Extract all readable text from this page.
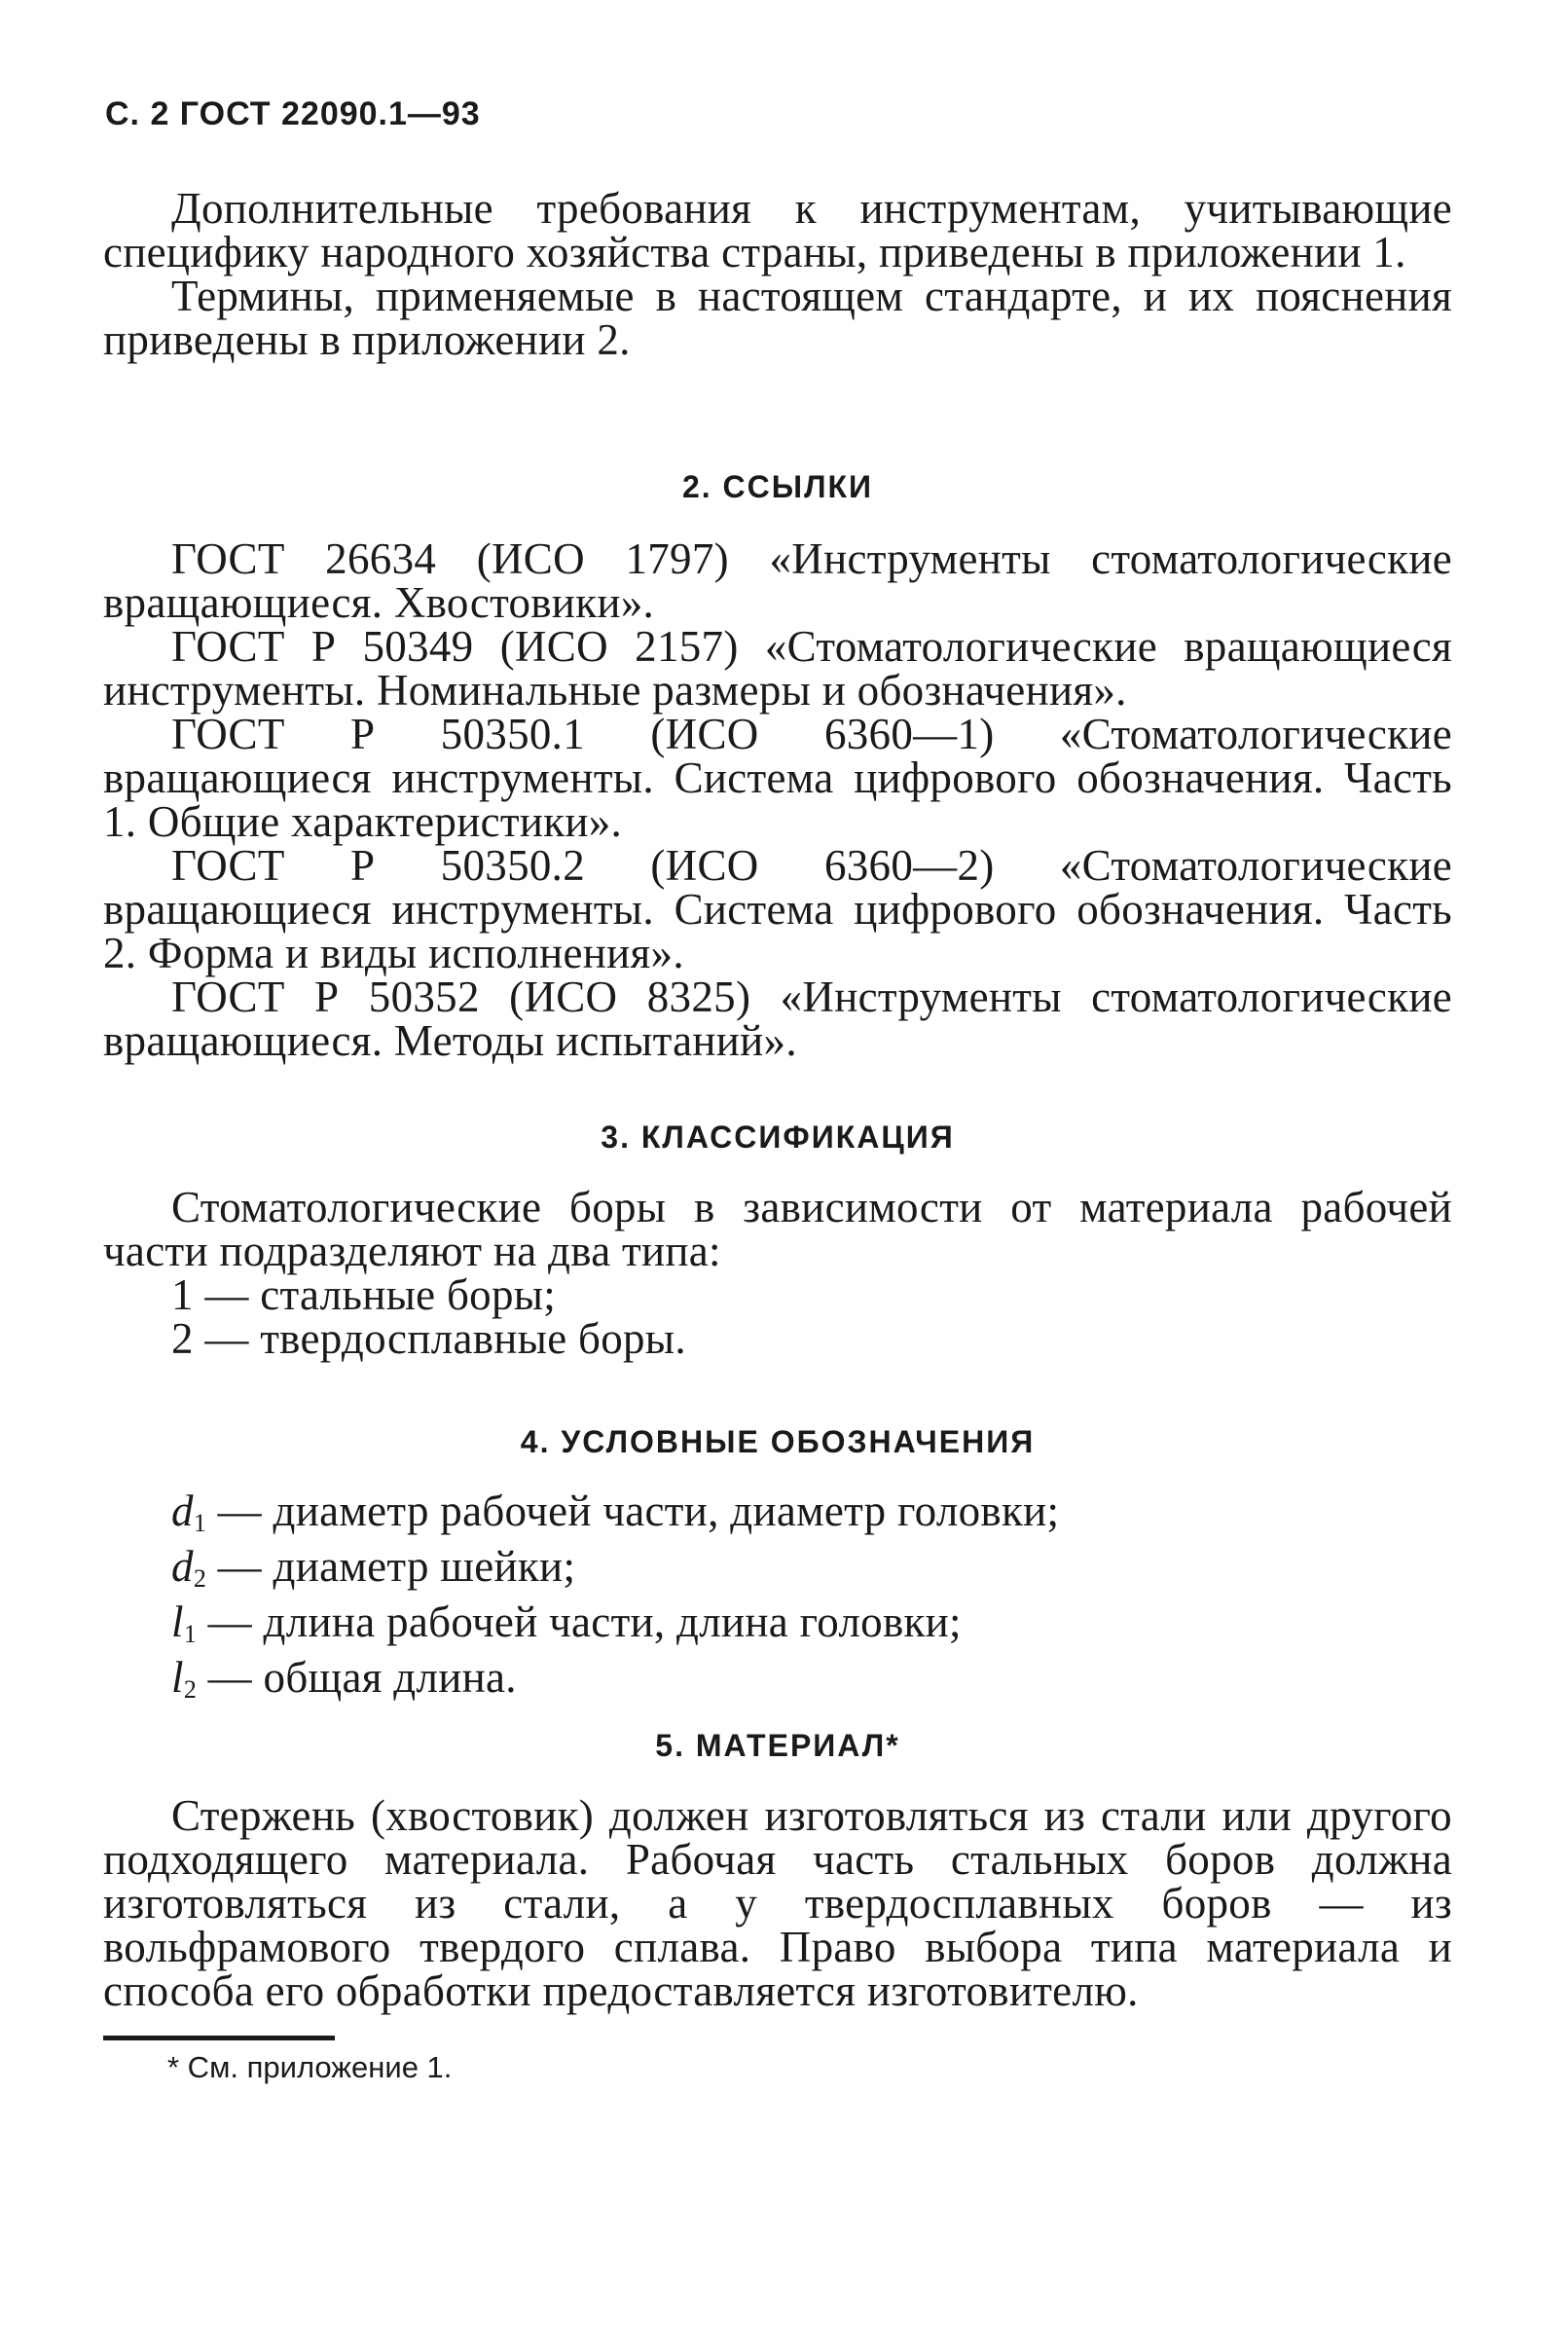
С. 2 ГОСТ 22090.1—93

Дополнительные требования к инструментам, учитывающие специфику народного хозяйства страны, приведены в приложении 1.

Термины, применяемые в настоящем стандарте, и их пояснения приведены в приложении 2.

2. ССЫЛКИ

ГОСТ 26634 (ИСО 1797) «Инструменты стоматологические вращающиеся. Хвостовики».

ГОСТ Р 50349 (ИСО 2157) «Стоматологические вращающиеся инструменты. Номинальные размеры и обозначения».

ГОСТ Р 50350.1 (ИСО 6360—1) «Стоматологические вращающиеся инструменты. Система цифрового обозначения. Часть 1. Общие характеристики».

ГОСТ Р 50350.2 (ИСО 6360—2) «Стоматологические вращающиеся инструменты. Система цифрового обозначения. Часть 2. Форма и виды исполнения».

ГОСТ Р 50352 (ИСО 8325) «Инструменты стоматологические вращающиеся. Методы испытаний».

3. КЛАССИФИКАЦИЯ

Стоматологические боры в зависимости от материала рабочей части подразделяют на два типа:

1 — стальные боры;

2 — твердосплавные боры.

4. УСЛОВНЫЕ ОБОЗНАЧЕНИЯ

$d_1$ — диаметр рабочей части, диаметр головки;

$d_2$ — диаметр шейки;

$l_1$ — длина рабочей части, длина головки;

$l_2$ — общая длина.

5. МАТЕРИАЛ*

Стержень (хвостовик) должен изготовляться из стали или другого подходящего материала. Рабочая часть стальных боров должна изготовляться из стали, а у твердосплавных боров — из вольфрамового твердого сплава. Право выбора типа материала и способа его обработки предоставляется изготовителю.

* См. приложение 1.
